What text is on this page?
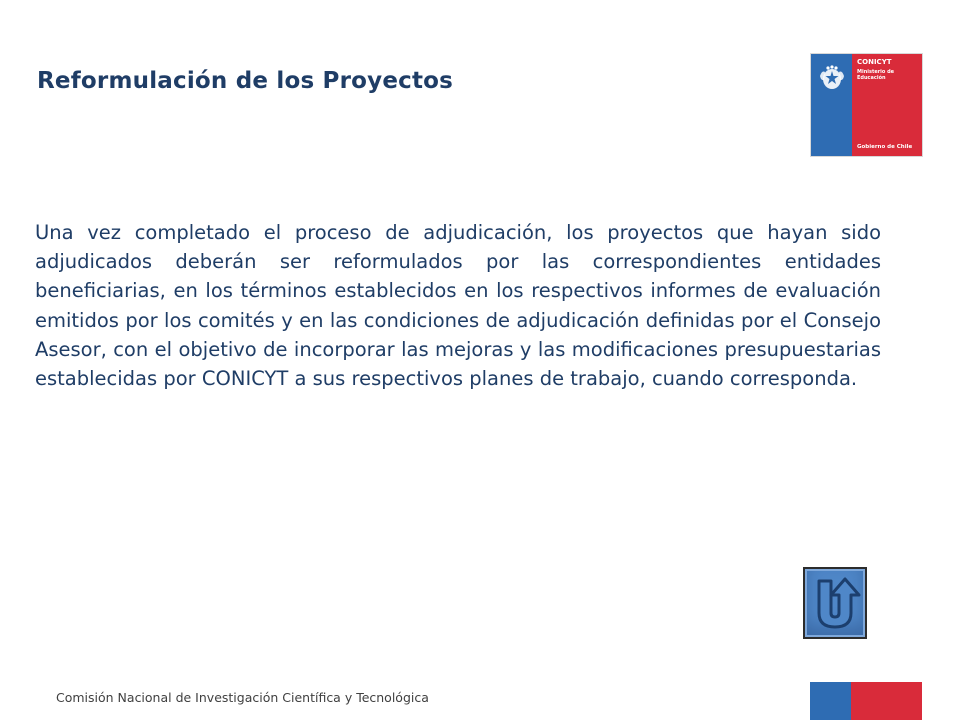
Reformulación de los Proyectos
CONICYT
Ministerio de Educación
Gobierno de Chile

Una vez completado el proceso de adjudicación, los proyectos que hayan sido adjudicados deberán ser reformulados por las correspondientes entidades beneficiarias, en los términos establecidos en los respectivos informes de evaluación emitidos por los comités y en las condiciones de adjudicación definidas por el Consejo Asesor, con el objetivo de incorporar las mejoras y las modificaciones presupuestarias establecidas por CONICYT a sus respectivos planes de trabajo, cuando corresponda.

Comisión Nacional de Investigación Científica y Tecnológica
